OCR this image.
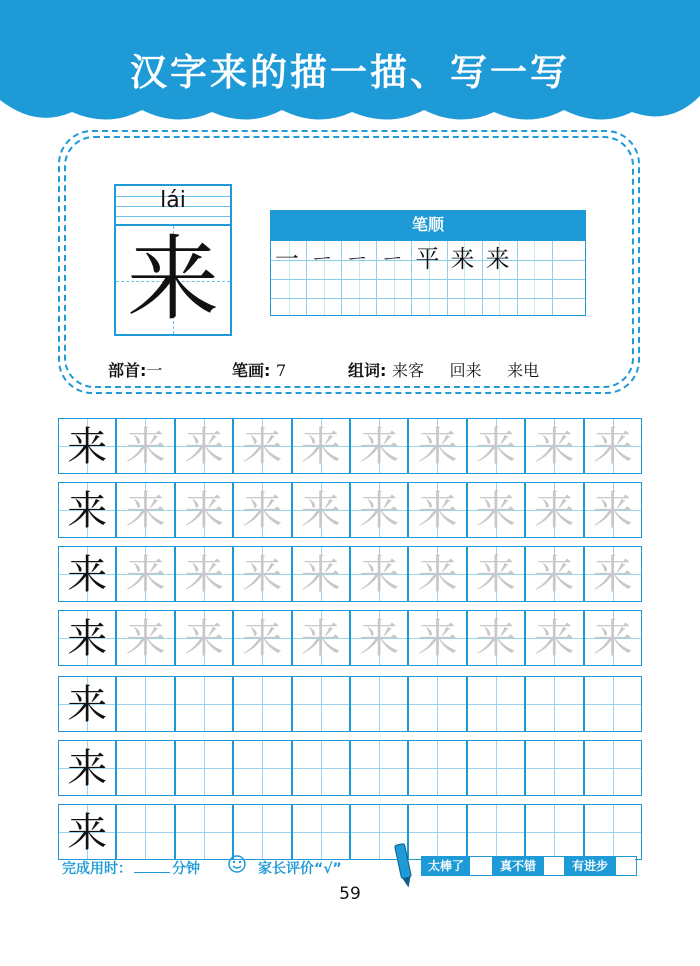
汉字来的描一描、写一写
lái
来
笔顺
一 ㄧ ㄧ ㄧ 平 来 来
部首:一	笔画: 7	组词: 来客 回来 来电
来 来 来 来 来 来 来 来 来 来
来 来 来 来 来 来 来 来 来 来
来 来 来 来 来 来 来 来 来 来
来 来 来 来 来 来 来 来 来 来
来
来
来
完成用时：	分钟	家长评价“√”	太棒了	真不错	有进步
59
